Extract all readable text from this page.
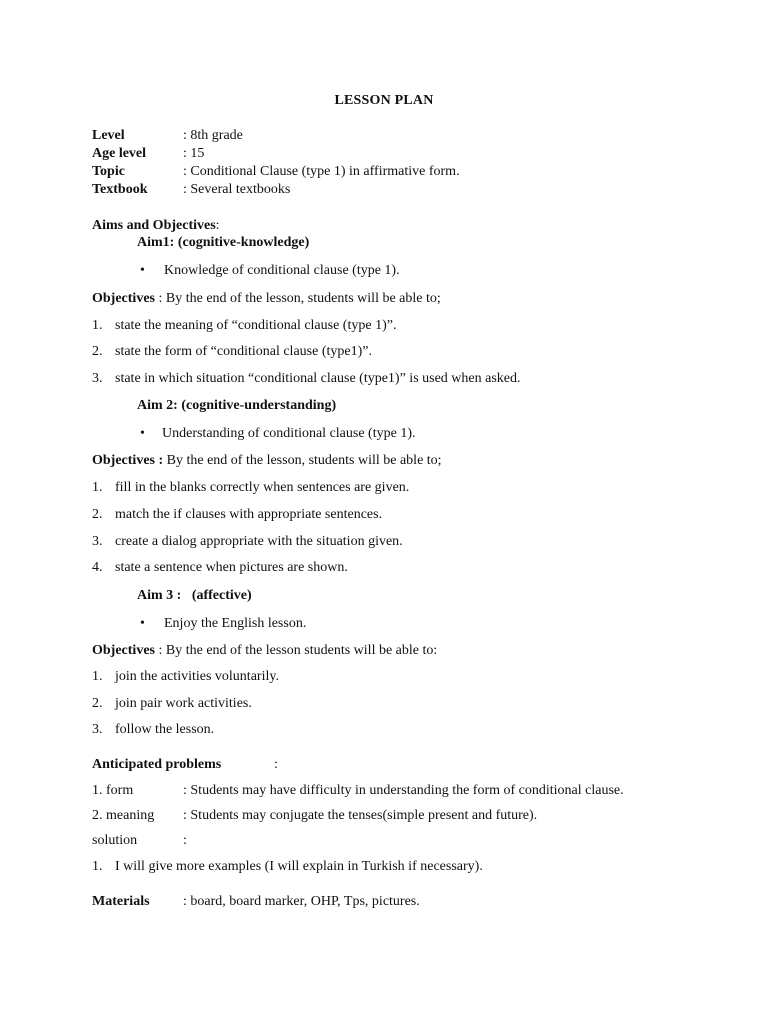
LESSON PLAN
Level	: 8th grade
Age level	: 15
Topic	: Conditional Clause (type 1) in affirmative form.
Textbook	: Several textbooks
Aims and Objectives:
Aim1: (cognitive-knowledge)
• Knowledge of conditional clause (type 1).
Objectives : By the end of the lesson, students will be able to;
1. state the meaning of “conditional clause (type 1)”.
2. state the form of “conditional clause (type1)”.
3. state in which situation “conditional clause (type1)” is used when asked.
Aim 2: (cognitive-understanding)
• Understanding of conditional clause (type 1).
Objectives : By the end of the lesson, students will be able to;
1. fill in the blanks correctly when sentences are given.
2. match the if clauses with appropriate sentences.
3. create a dialog appropriate with the situation given.
4. state a sentence when pictures are shown.
Aim 3 :   (affective)
• Enjoy the English lesson.
Objectives : By the end of the lesson students will be able to:
1. join the activities voluntarily.
2. join pair work activities.
3. follow the lesson.
Anticipated problems	:
1. form	: Students may have difficulty in understanding the form of conditional clause.
2. meaning : Students may conjugate the tenses(simple present and future).
solution	:
1. I will give more examples (I will explain in Turkish if necessary).
Materials : board, board marker, OHP, Tps, pictures.
